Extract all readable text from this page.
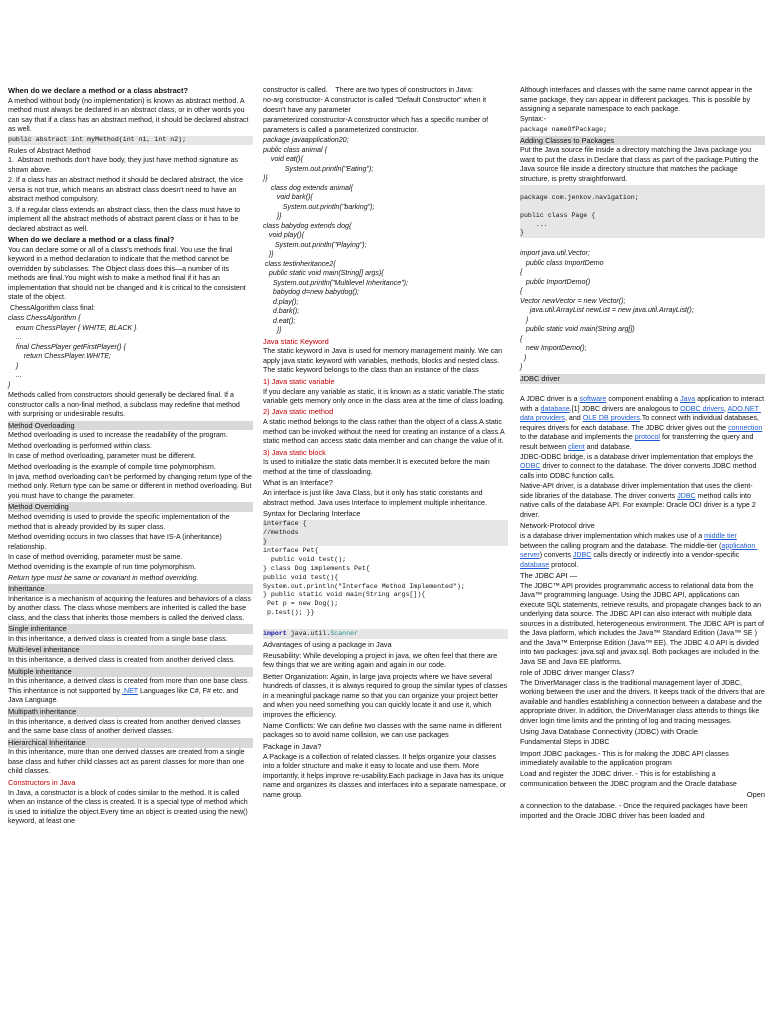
When do we declare a method or a class abstract?
A method without body (no implementation) is known as abstract method. A method must always be declared in an abstract class, or in other words you can say that if a class has an abstract method, it should be declared abstract as well.
public abstract int myMethod(int n1, int n2);
Rules of Abstract Method
1.  Abstract methods don't have body, they just have method signature as shown above.
2. If a class has an abstract method it should be declared abstract, the vice versa is not true, which means an abstract class doesn't need to have an abstract method compulsory.
3. If a regular class extends an abstract class, then the class must have to implement all the abstract methods of abstract parent class or it has to be declared abstract as well.
When do we declare a method or a class final?
You can declare some or all of a class's methods final. You use the final keyword in a method declaration to indicate that the method cannot be overridden by subclasses. The Object class does this—a number of its methods are final.You might wish to make a method final if it has an implementation that should not be changed and it is critical to the consistent state of the object.
ChessAlgorithm class final:
class ChessAlgorithm {
enum ChessPlayer { WHITE, BLACK }
...
final ChessPlayer getFirstPlayer() {
return ChessPlayer.WHITE;
}
...
}
Methods called from constructors should generally be declared final. If a constructor calls a non-final method, a subclass may redefine that method with surprising or undesirable results.
Method Overloading
Method overloading is used to increase the readability of the program.
Method overloading is performed within class.
In case of method overloading, parameter must be different.
Method overloading is the example of compile time polymorphism.
In java, method overloading can't be performed by changing return type of the method only. Return type can be same or different in method overloading. But you must have to change the parameter.
Method Overriding
Method overriding is used to provide the specific implementation of the method that is already provided by its super class.
Method overriding occurs in two classes that have IS-A (inheritance) relationship.
In case of method overriding, parameter must be same.
Method overriding is the example of run time polymorphism.
Return type must be same or covariant in method overriding.
Inheritance
Inheritance is a mechanism of acquiring the features and behaviors of a class by another class. The class whose members are inherited is called the base class, and the class that inherits those members is called the derived class.
Single inheritance
In this inheritance, a derived class is created from a single base class.
Multi-level inheritance
In this inheritance, a derived class is created from another derived class.
Multiple inheritance
In this inheritance, a derived class is created from more than one base class. This inheritance is not supported by .NET Languages like C#, F# etc. and Java Language.
Multipath inheritance
In this inheritance, a derived class is created from another derived classes and the same base class of another derived classes.
Hierarchical Inheritance
In this inheritance, more than one derived classes are created from a single base class and futher child classes act as parent classes for more than one child classes.
Constructors in Java
In Java, a constructor is a block of codes similar to the method. It is called when an instance of the class is created. It is a special type of method which is used to initialize the object.Every time an object is created using the new() keyword, at least one
constructor is called.    There are two types of constructors in Java:
no-arg constructor- A constructor is called "Default Constructor" when it doesn't have any parameter
parameterized constructor-A constructor which has a specific number of parameters is called a parameterized constructor.
package javaapplication20;
public class animal {
void eat(){
System.out.println("Eating");
}}
class dog extends animal{
void bark(){
System.out.println("barking");
}}
class babydog extends dog{
void play(){
System.out.println("Playing");
}}
class testinheritance2{
public static void main(String[] args){
System.out.println("Multilevel Inheritance");
babydog d=new babydog();
d.play();
d.bark();
d.eat();
}}
Java static Keyword
The static keyword in Java is used for memory management mainly. We can apply java static keyword with variables, methods, blocks and nested class. The static keyword belongs to the class than an instance of the class
1) Java static variable
If you declare any variable as static, it is known as a static variable.The static variable gets memory only once in the class area at the time of class loading.
2) Java static method
A static method belongs to the class rather than the object of a class.A static method can be invoked without the need for creating an instance of a class.A static method can access static data member and can change the value of it.
3) Java static block
Is used to initialize the static data member.It is executed before the main method at the time of classloading.
What is an Interface?
An interface is just like Java Class, but it only has static constants and abstract method. Java uses Interface to implement multiple inheritance.
Syntax for Declaring Interface
interface {
//methods
}
interface Pet{
public void test();
} class Dog implements Pet{
public void test(){
System.out.println("Interface Method Implemented");
} public static void main(String args[]){
Pet p = new Dog();
p.test(); }}

import java.util.Scanner
Advantages of using a package in Java
Reusability: While developing a project in java, we often feel that there are few things that we are writing again and again in our code.
Better Organization: Again, in large java projects where we have several hundreds of classes, it is always required to group the similar types of classes in a meaningful package name so that you can organize your project better and when you need something you can quickly locate it and use it, which improves the efficiency.
Name Conflicts: We can define two classes with the same name in different packages so to avoid name collision, we can use packages
Package in Java?
A Package is a collection of related classes. It helps organize your classes into a folder structure and make it easy to locate and use them. More importantly, it helps improve re-usability.Each package in Java has its unique name and organizes its classes and interfaces into a separate namespace, or name group.
Although interfaces and classes with the same name cannot appear in the same package, they can appear in different packages. This is possible by assigning a separate namespace to each package.
Syntax:-
package nameOfPackage;
Adding Classes to Packages
Put the Java source file inside a directory matching the Java package you want to put the class in.Declare that class as part of the package.Putting the Java source file inside a directory structure that matches the package structure, is pretty straightforward.

package com.jenkov.navigation;

public class Page {
...
}

import java.util.Vector;
public class ImportDemo
{
public ImportDemo()
{
Vector newVector = new Vector();
java.util.ArrayList newList = new java.util.ArrayList();
}
public static void main(String arg[])
{
new ImportDemo();
}
}
JDBC driver

A JDBC driver is a software component enabling a Java application to interact with a database.[1] JDBC drivers are analogous to ODBC drivers, ADO.NET data providers, and OLE DB providers.To connect with individual databases, requires drivers for each database. The JDBC driver gives out the connection to the database and implements the protocol for transferring the query and result between client and database.
JDBC-ODBC bridge, is a database driver implementation that employs the ODBC driver to connect to the database. The driver converts JDBC method calls into ODBC function calls.
Native-API driver, is a database driver implementation that uses the client-side libraries of the database. The driver converts JDBC method calls into native calls of the database API. For example: Oracle OCI driver is a type 2 driver.
Network-Protocol drive
is a database driver implementation which makes use of a middle tier between the calling program and the database. The middle-tier (application server) converts JDBC calls directly or indirectly into a vendor-specific database protocol.
The JDBC API —
The JDBC™ API provides programmatic access to relational data from the Java™ programming language. Using the JDBC API, applications can execute SQL statements, retrieve results, and propagate changes back to an underlying data source. The JDBC API can also interact with multiple data sources in a distributed, heterogeneous environment. The JDBC API is part of the Java platform, which includes the Java™ Standard Edition (Java™ SE ) and the Java™ Enterprise Edition (Java™ EE). The JDBC 4.0 API is divided into two packages: java.sql and javax.sql. Both packages are included in the Java SE and Java EE platforms.
role of JDBC driver manger Class?
The DriverManager class is the traditional management layer of JDBC, working between the user and the drivers. It keeps track of the drivers that are available and handles establishing a connection between a database and the appropriate driver. In addition, the DriverManager class attends to things like driver login time limits and the printing of log and tracing messages.
Using Java Database Connectivity (JDBC) with Oracle
Fundamental Steps in JDBC
Import JDBC packages.- This is for making the JDBC API classes immediately available to the application program
Load and register the JDBC driver. - This is for establishing a communication between the JDBC program and the Oracle database
Open
a connection to the database. - Once the required packages have been imported and the Oracle JDBC driver has been loaded and
